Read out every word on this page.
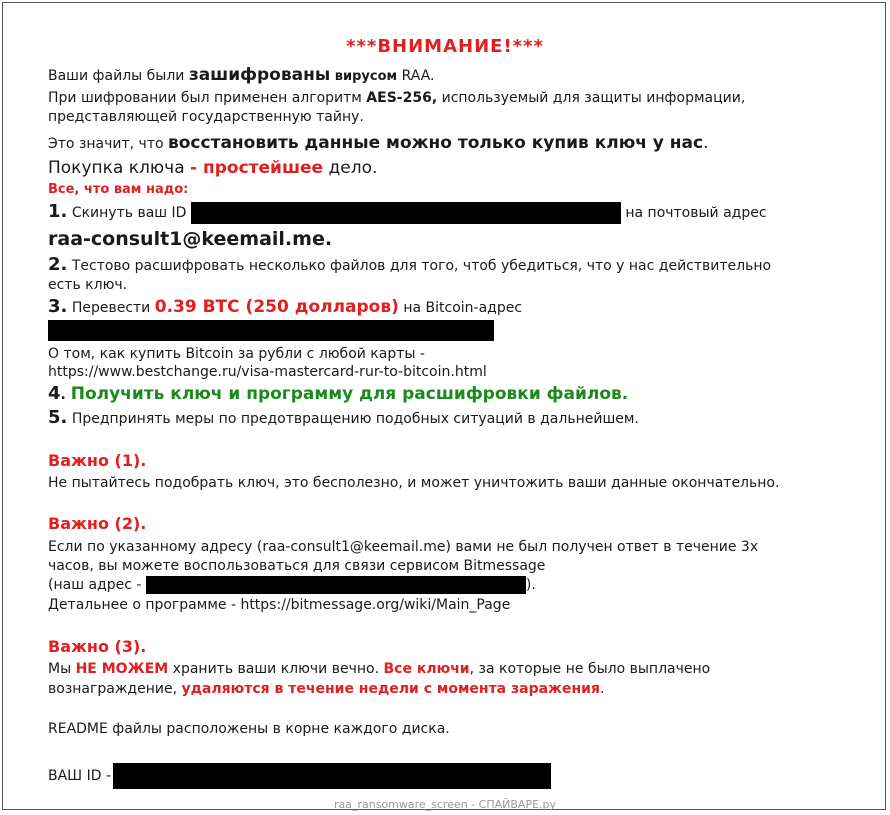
***ВНИМАНИЕ!***
Ваши файлы были зашифрованы вирусом RAA.
При шифровании был применен алгоритм AES-256, используемый для защиты информации,
представляющей государственную тайну.
Это значит, что восстановить данные можно только купив ключ у нас.
Покупка ключа - простейшее дело.
Все, что вам надо:
1. Скинуть ваш ID	на почтовый адрес
raa-consult1@keemail.me.
2. Тестово расшифровать несколько файлов для того, чтоб убедиться, что у нас действительно
есть ключ.
3. Перевести 0.39 BTC (250 долларов) на Bitcoin-адрес
О том, как купить Bitcoin за рубли с любой карты -
https://www.bestchange.ru/visa-mastercard-rur-to-bitcoin.html
4. Получить ключ и программу для расшифровки файлов.
5. Предпринять меры по предотвращению подобных ситуаций в дальнейшем.
Важно (1).
Не пытайтесь подобрать ключ, это бесполезно, и может уничтожить ваши данные окончательно.
Важно (2).
Если по указанному адресу (raa-consult1@keemail.me) вами не был получен ответ в течение 3х
часов, вы можете воспользоваться для связи сервисом Bitmessage
(наш адрес -	).
Детальнее о программе - https://bitmessage.org/wiki/Main_Page
Важно (3).
Мы НЕ МОЖЕМ хранить ваши ключи вечно. Все ключи, за которые не было выплачено
вознаграждение, удаляются в течение недели с момента заражения.
README файлы расположены в корне каждого диска.
ВАШ ID -
raa_ransomware_screen - СПАЙВАРЕ.ру
